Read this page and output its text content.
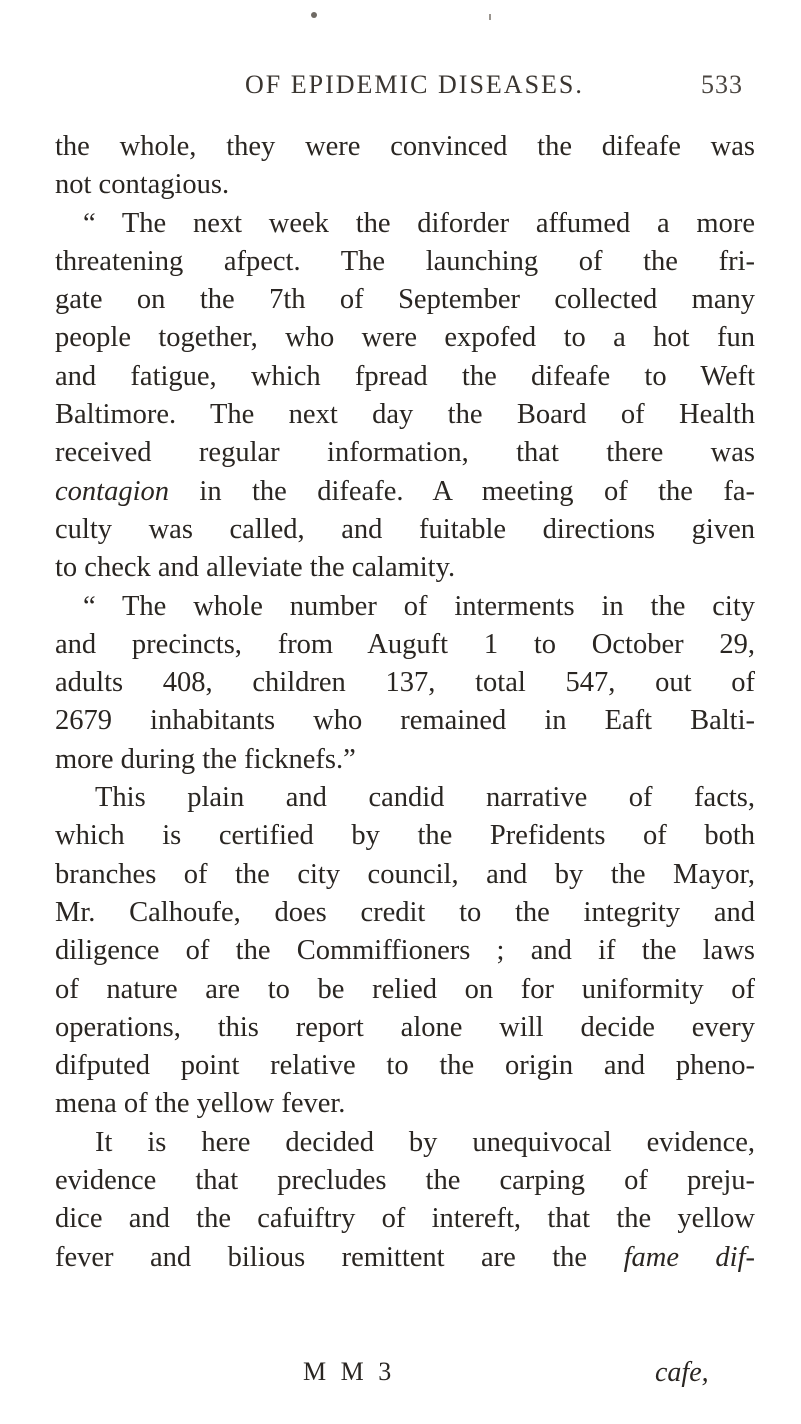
OF EPIDEMIC DISEASES.	533
the whole, they were convinced the difeafe was
not contagious.
“ The next week the diforder affumed a more
threatening afpect. The launching of the fri-
gate on the 7th of September collected many
people together, who were expofed to a hot fun
and fatigue, which fpread the difeafe to Weft
Baltimore. The next day the Board of Health
received regular information, that there was
contagion in the difeafe. A meeting of the fa-
culty was called, and fuitable directions given
to check and alleviate the calamity.
“ The whole number of interments in the city
and precincts, from Auguft 1 to October 29,
adults 408, children 137, total 547, out of
2679 inhabitants who remained in Eaft Balti-
more during the ficknefs.”
This plain and candid narrative of facts,
which is certified by the Prefidents of both
branches of the city council, and by the Mayor,
Mr. Calhoufe, does credit to the integrity and
diligence of the Commiffioners ; and if the laws
of nature are to be relied on for uniformity of
operations, this report alone will decide every
difputed point relative to the origin and pheno-
mena of the yellow fever.
It is here decided by unequivocal evidence,
evidence that precludes the carping of preju-
dice and the cafuiftry of intereft, that the yellow
fever and bilious remittent are the fame dif-
M M 3	cafe,
